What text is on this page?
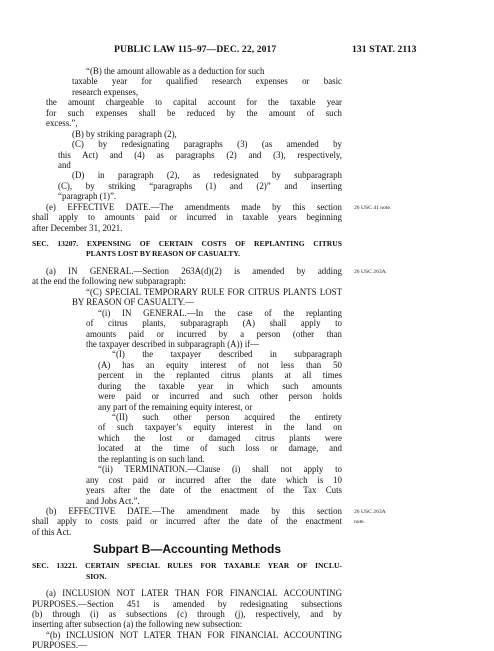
PUBLIC LAW 115–97—DEC. 22, 2017	131 STAT. 2113
“(B) the amount allowable as a deduction for such
taxable year for qualified research expenses or basic
research expenses,
the amount chargeable to capital account for the taxable year
for such expenses shall be reduced by the amount of such
excess.”,
(B) by striking paragraph (2),
(C) by redesignating paragraphs (3) (as amended by
this Act) and (4) as paragraphs (2) and (3), respectively,
and
(D) in paragraph (2), as redesignated by subparagraph
(C), by striking “paragraphs (1) and (2)” and inserting
“paragraph (1)”.
(e) EFFECTIVE DATE.—The amendments made by this section 26 USC 41 note.
shall apply to amounts paid or incurred in taxable years beginning
after December 31, 2021.
SEC. 13207. EXPENSING OF CERTAIN COSTS OF REPLANTING CITRUS
PLANTS LOST BY REASON OF CASUALTY.
(a) IN GENERAL.—Section 263A(d)(2) is amended by adding 26 USC 263A.
at the end the following new subparagraph:
“(C) SPECIAL TEMPORARY RULE FOR CITRUS PLANTS LOST
BY REASON OF CASUALTY.—
“(i) IN GENERAL.—In the case of the replanting
of citrus plants, subparagraph (A) shall apply to
amounts paid or incurred by a person (other than
the taxpayer described in subparagraph (A)) if—
“(I) the taxpayer described in subparagraph
(A) has an equity interest of not less than 50
percent in the replanted citrus plants at all times
during the taxable year in which such amounts
were paid or incurred and such other person holds
any part of the remaining equity interest, or
“(II) such other person acquired the entirety
of such taxpayer’s equity interest in the land on
which the lost or damaged citrus plants were
located at the time of such loss or damage, and
the replanting is on such land.
“(ii) TERMINATION.—Clause (i) shall not apply to
any cost paid or incurred after the date which is 10
years after the date of the enactment of the Tax Cuts
and Jobs Act.”.
(b) EFFECTIVE DATE.—The amendment made by this section 26 USC 263A
shall apply to costs paid or incurred after the date of the enactment note.
of this Act.
Subpart B—Accounting Methods
SEC. 13221. CERTAIN SPECIAL RULES FOR TAXABLE YEAR OF INCLU-
SION.
(a) INCLUSION NOT LATER THAN FOR FINANCIAL ACCOUNTING
PURPOSES.—Section 451 is amended by redesignating subsections
(b) through (i) as subsections (c) through (j), respectively, and by
inserting after subsection (a) the following new subsection:
“(b) INCLUSION NOT LATER THAN FOR FINANCIAL ACCOUNTING
PURPOSES.—
